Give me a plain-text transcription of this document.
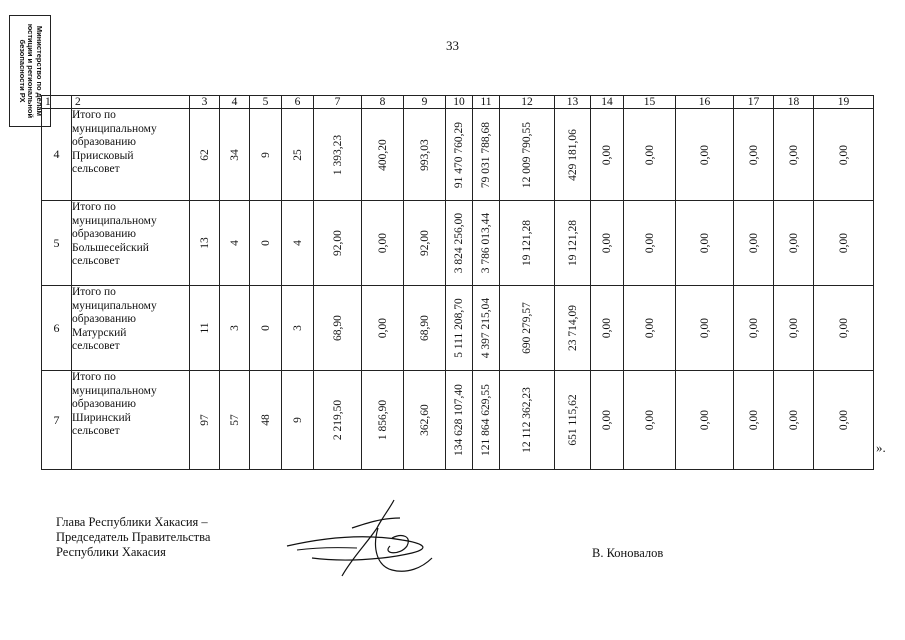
33
Министерство по делам
юстиции и региональной
безопасности РХ 1	2	3	4	5	6	7	8	9	10	11	12	13	14	15	16	17	18	19
4	Итого по
муниципальному
образованию
Приисковый
сельсовет	62	34	9	25	1 393,23	400,20	993,03	91 470 760,29	79 031 788,68	12 009 790,55	429 181,06	0,00	0,00	0,00	0,00	0,00	0,00

5	Итого по
муниципальному
образованию
Большесейский
сельсовет	13	4	0	4	92,00	0,00	92,00	3 824 256,00	3 786 013,44	19 121,28	19 121,28	0,00	0,00	0,00	0,00	0,00	0,00

6	Итого по
муниципальному
образованию
Матурский
сельсовет	11	3	0	3	68,90	0,00	68,90	5 111 208,70	4 397 215,04	690 279,57	23 714,09	0,00	0,00	0,00	0,00	0,00	0,00

7	Итого по
муниципальному
образованию
Ширинский
сельсовет	97	57	48	9	2 219,50	1 856,90	362,60	134 628 107,40	121 864 629,55	12 112 362,23	651 115,62	0,00	0,00	0,00	0,00	0,00	0,00
».
Глава Республики Хакасия –
Председатель Правительства
Республики Хакасия	В. Коновалов
